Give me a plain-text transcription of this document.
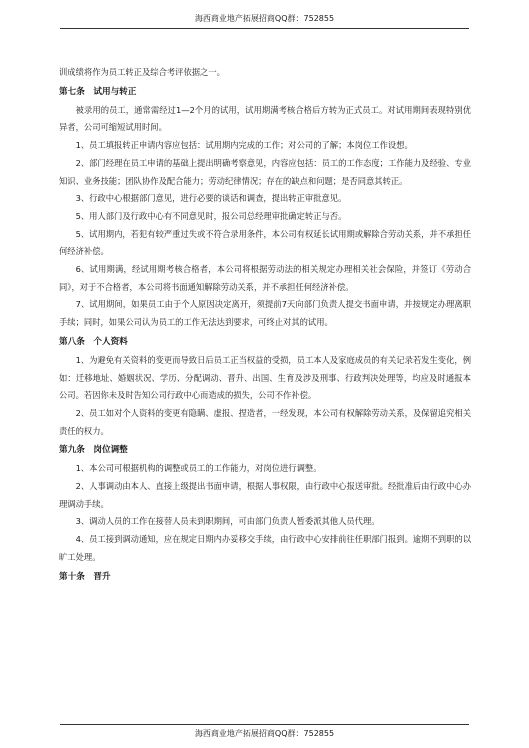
海西商业地产拓展招商QQ群：752855

训成绩将作为员工转正及综合考评依据之一。

第七条　试用与转正

被录用的员工，通常需经过1—2个月的试用，试用期满考核合格后方转为正式员工。对试用期间表现特别优异者，公司可缩短试用时间。

1、员工填报转正申请内容应包括：试用期内完成的工作；对公司的了解；本岗位工作设想。

2、部门经理在员工申请的基础上提出明确考察意见，内容应包括：员工的工作态度；工作能力及经验、专业知识、业务技能；团队协作及配合能力；劳动纪律情况；存在的缺点和问题；是否同意其转正。

3、行政中心根据部门意见，进行必要的谈话和调查，提出转正审批意见。

5、用人部门及行政中心有不同意见时，报公司总经理审批确定转正与否。

5、试用期内，若犯有较严重过失或不符合录用条件，本公司有权延长试用期或解除合劳动关系，并不承担任何经济补偿。

6、试用期满，经试用期考核合格者，本公司将根据劳动法的相关规定办理相关社会保险，并签订《劳动合同》，对于不合格者，本公司将书面通知解除劳动关系，并不承担任何经济补偿。

7、试用期间，如果员工由于个人原因决定离开，须提前7天向部门负责人提交书面申请，并按规定办理离职手续；同时，如果公司认为员工的工作无法达到要求，可终止对其的试用。

第八条　个人资料

1、为避免有关资料的变更而导致日后员工正当权益的受损，员工本人及家庭成员的有关记录若发生变化，例如：迁移地址、婚姻状况、学历、分配调动、晋升、出国、生育及涉及刑事、行政判决处理等，均应及时通报本公司。若因你未及时告知公司行政中心而造成的损失，公司不作补偿。

2、员工如对个人资料的变更有隐瞒、虚报、捏造者，一经发现，本公司有权解除劳动关系，及保留追究相关责任的权力。

第九条　岗位调整

1、本公司可根据机构的调整或员工的工作能力，对岗位进行调整。

2、人事调动由本人、直接上级提出书面申请，根据人事权限，由行政中心报送审批。经批准后由行政中心办理调动手续。

3、调动人员的工作在接替人员未到职期间，可由部门负责人暂委派其他人员代理。

4、员工接到调动通知，应在规定日期内办妥移交手续，由行政中心安排前往任职部门报到。逾期不到职的以旷工处理。

第十条　晋升
海西商业地产拓展招商QQ群：752855
